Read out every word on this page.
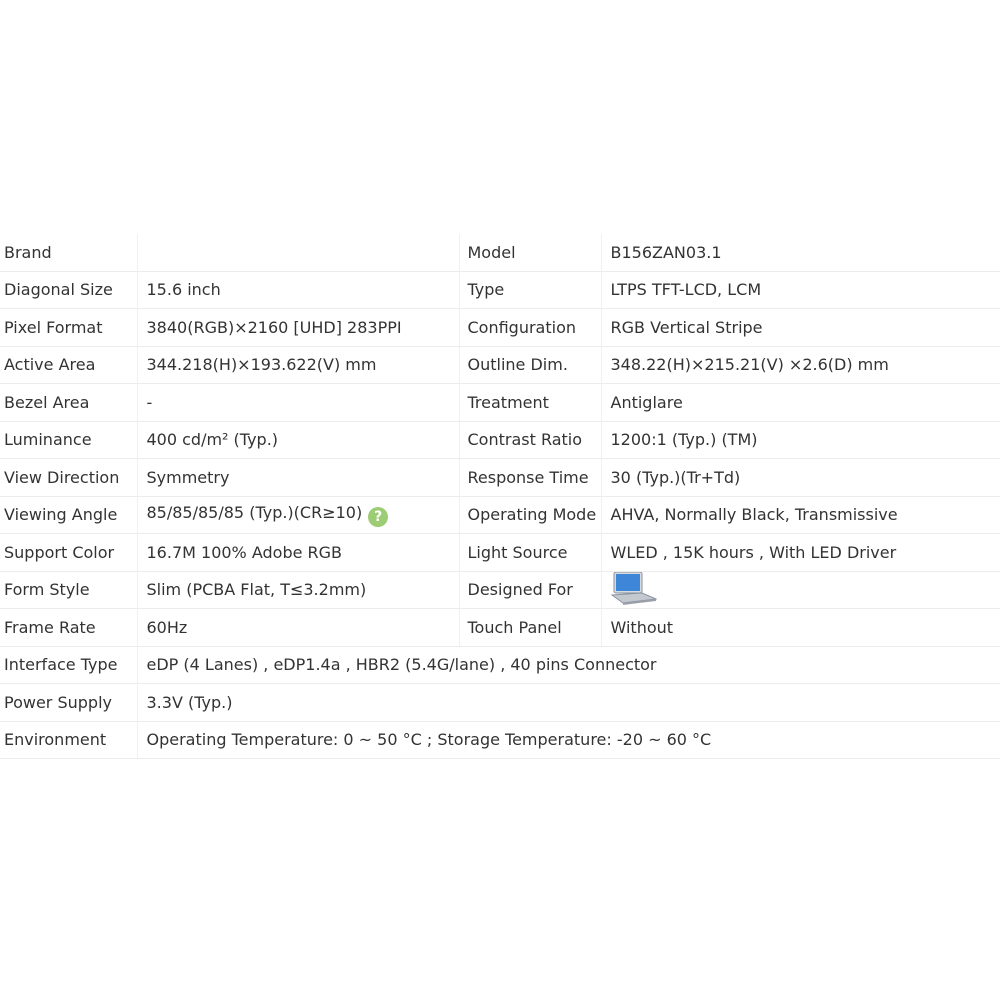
Brand		Model	B156ZAN03.1
Diagonal Size	15.6 inch	Type	LTPS TFT-LCD, LCM
Pixel Format	3840(RGB)×2160 [UHD] 283PPI	Configuration	RGB Vertical Stripe
Active Area	344.218(H)×193.622(V) mm	Outline Dim.	348.22(H)×215.21(V) ×2.6(D) mm
Bezel Area	-	Treatment	Antiglare
Luminance	400 cd/m² (Typ.)	Contrast Ratio	1200:1 (Typ.) (TM)
View Direction	Symmetry	Response Time	30 (Typ.)(Tr+Td)
Viewing Angle	85/85/85/85 (Typ.)(CR≥10) ?	Operating Mode	AHVA, Normally Black, Transmissive
Support Color	16.7M 100% Adobe RGB	Light Source	WLED , 15K hours , With LED Driver
Form Style	Slim (PCBA Flat, T≤3.2mm)	Designed For	
Frame Rate	60Hz	Touch Panel	Without
Interface Type	eDP (4 Lanes) , eDP1.4a , HBR2 (5.4G/lane) , 40 pins Connector		
Power Supply	3.3V (Typ.)		
Environment	Operating Temperature: 0 ~ 50 °C ; Storage Temperature: -20 ~ 60 °C		
